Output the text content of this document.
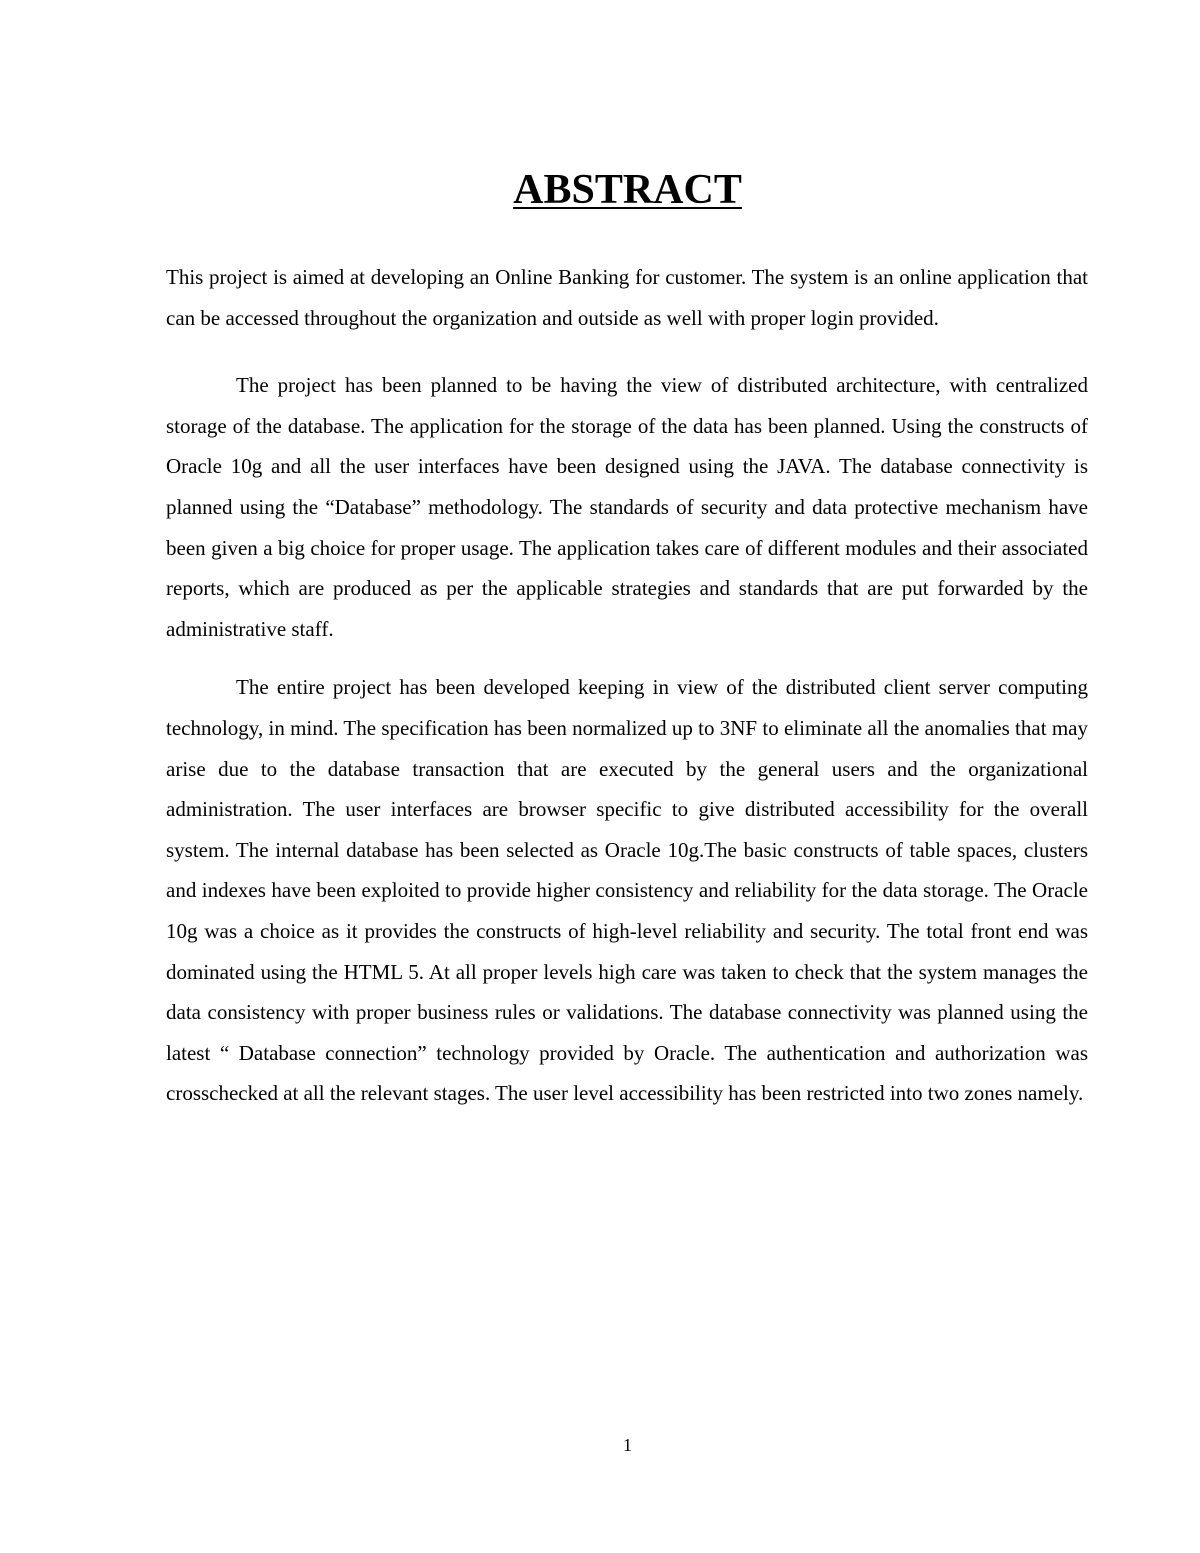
ABSTRACT

This project is aimed at developing an Online Banking for customer. The system is an online application that can be accessed throughout the organization and outside as well with proper login provided.

The project has been planned to be having the view of distributed architecture, with centralized storage of the database. The application for the storage of the data has been planned. Using the constructs of Oracle 10g and all the user interfaces have been designed using the JAVA. The database connectivity is planned using the “Database” methodology. The standards of security and data protective mechanism have been given a big choice for proper usage. The application takes care of different modules and their associated reports, which are produced as per the applicable strategies and standards that are put forwarded by the administrative staff.

The entire project has been developed keeping in view of the distributed client server computing technology, in mind. The specification has been normalized up to 3NF to eliminate all the anomalies that may arise due to the database transaction that are executed by the general users and the organizational administration. The user interfaces are browser specific to give distributed accessibility for the overall system. The internal database has been selected as Oracle 10g.The basic constructs of table spaces, clusters and indexes have been exploited to provide higher consistency and reliability for the data storage. The Oracle 10g was a choice as it provides the constructs of high-level reliability and security. The total front end was dominated using the HTML 5. At all proper levels high care was taken to check that the system manages the data consistency with proper business rules or validations. The database connectivity was planned using the latest “ Database connection” technology provided by Oracle. The authentication and authorization was crosschecked at all the relevant stages. The user level accessibility has been restricted into two zones namely.

1
